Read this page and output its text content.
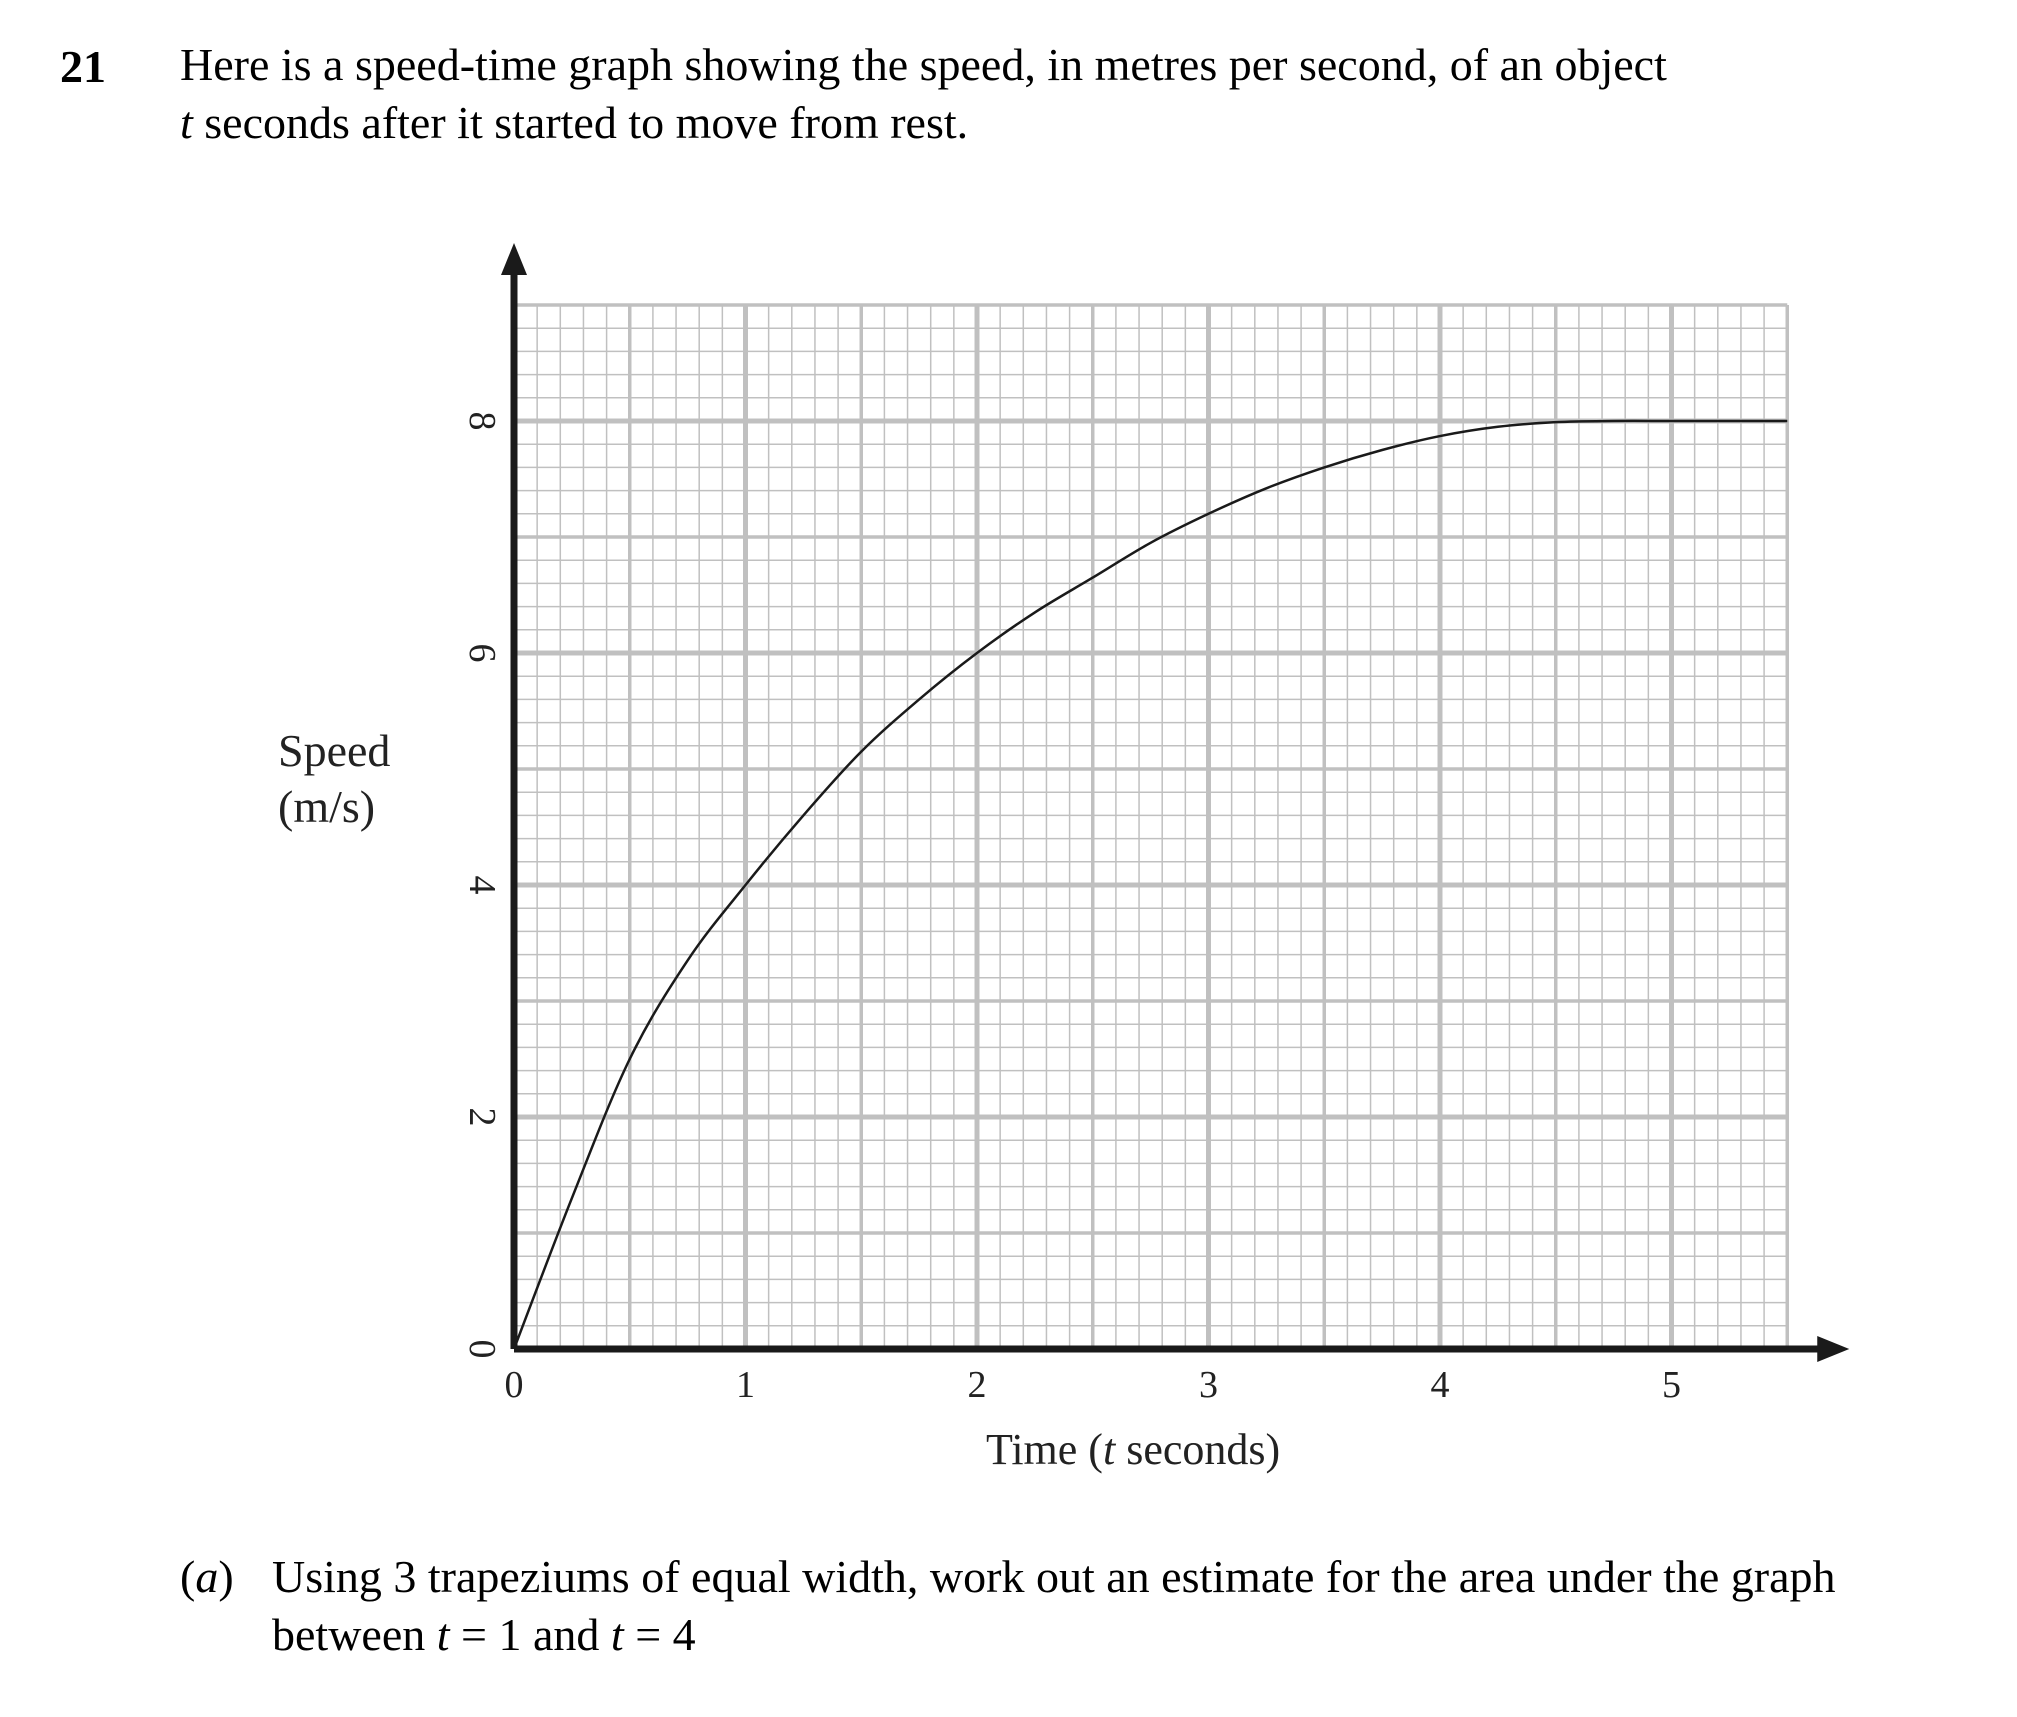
21 Here is a speed-time graph showing the speed, in metres per second, of an object
t seconds after it started to move from rest.
0
2
4
6
8
0	1	2	3	4	5
Speed
(m/s)
Time (t seconds)
(a) Using 3 trapeziums of equal width, work out an estimate for the area under the graph
between t = 1 and t = 4
